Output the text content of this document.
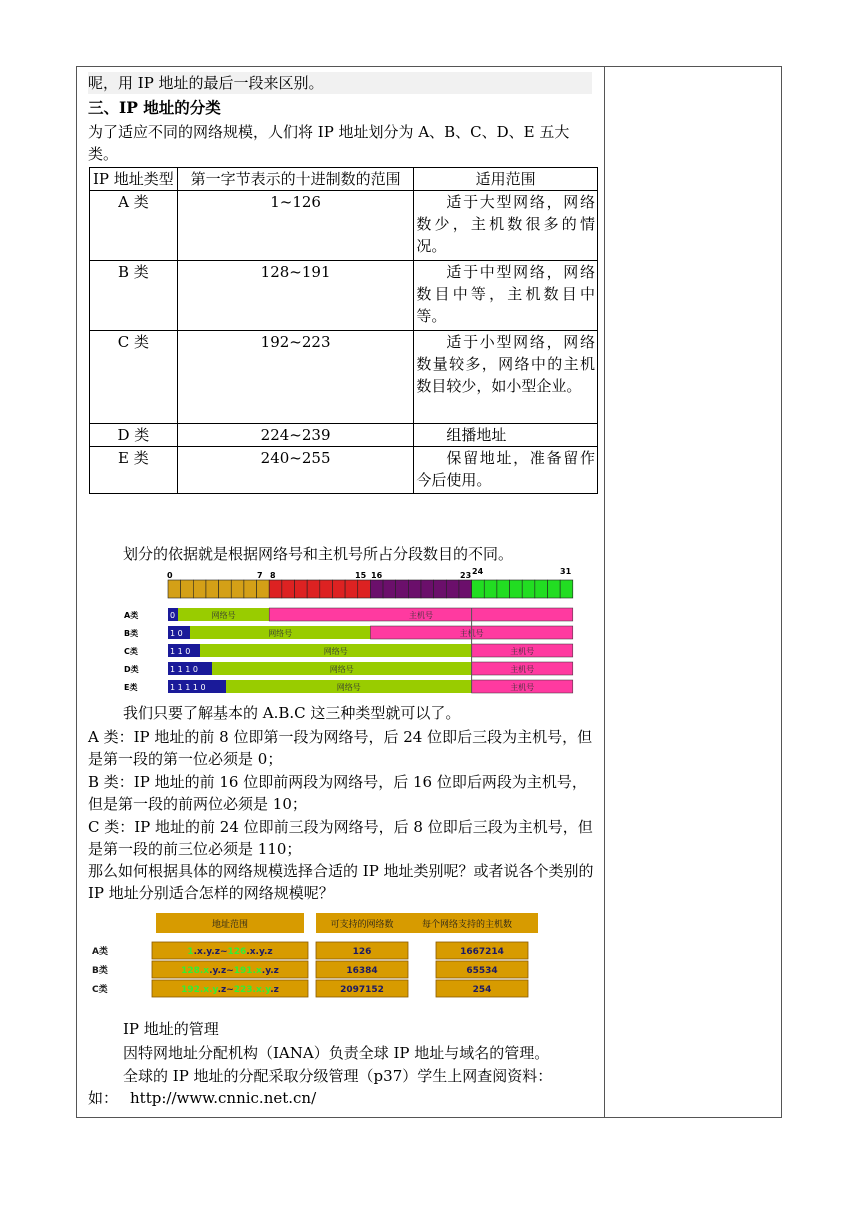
呢，用 IP 地址的最后一段来区别。
三、IP 地址的分类
为了适应不同的网络规模，人们将 IP 地址划分为 A、B、C、D、E 五大类。
IP 地址类型	第一字节表示的十进制数的范围	适用范围
A 类	1~126	适于大型网络，网络数少，主机数很多的情况。
B 类	128~191	适于中型网络，网络数目中等，主机数目中等。
C 类	192~223	适于小型网络，网络数量较多，网络中的主机数目较少，如小型企业。
D 类	224~239	组播地址
E 类	240~255	保留地址，准备留作今后使用。
划分的依据就是根据网络号和主机号所占分段数目的不同。
0	7 8	15 16	23 24	31
A类	0	网络号	主机号
B类	1 0	网络号	主机号
C类	1 1 0	网络号	主机号
D类	1 1 1 0	网络号	主机号
E类	1 1 1 1 0	网络号	主机号
我们只要了解基本的 A.B.C 这三种类型就可以了。
A 类：IP 地址的前 8 位即第一段为网络号，后 24 位即后三段为主机号，但是第一段的第一位必须是 0；
B 类：IP 地址的前 16 位即前两段为网络号，后 16 位即后两段为主机号，但是第一段的前两位必须是 10；
C 类：IP 地址的前 24 位即前三段为网络号，后 8 位即后三段为主机号，但是第一段的前三位必须是 110；
那么如何根据具体的网络规模选择合适的 IP 地址类别呢？或者说各个类别的 IP 地址分别适合怎样的网络规模呢？
地址范围	可支持的网络数	每个网络支持的主机数
A类	1.x.y.z~126.x.y.z	126	1667214
B类	128.x.y.z~191.x.y.z	16384	65534
C类	192.x.y.z~223.x.y.z	2097152	254
IP 地址的管理
因特网地址分配机构（IANA）负责全球 IP 地址与域名的管理。
全球的 IP 地址的分配采取分级管理（p37）学生上网查阅资料：
如： http://www.cnnic.net.cn/
